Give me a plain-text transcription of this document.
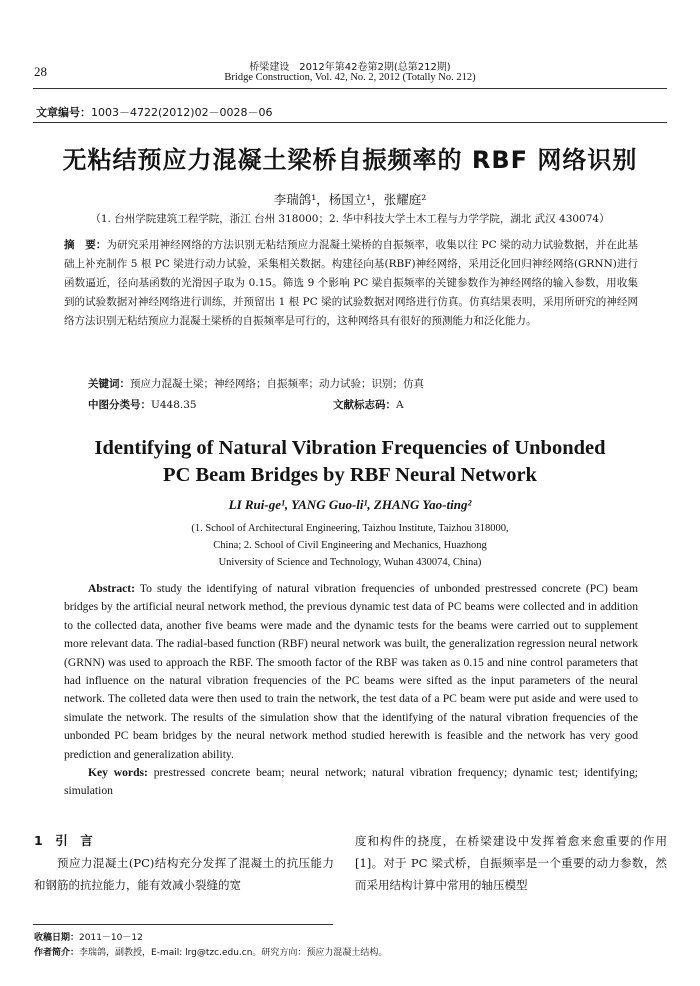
28	桥梁建设　2012年第42卷第2期(总第212期)
Bridge Construction, Vol. 42, No. 2, 2012 (Totally No. 212)
文章编号：1003－4722(2012)02－0028－06
无粘结预应力混凝土梁桥自振频率的 RBF 网络识别
李瑞鸽¹，杨国立¹，张耀庭²
（1. 台州学院建筑工程学院，浙江 台州 318000；2. 华中科技大学土木工程与力学学院，湖北 武汉 430074）
摘　要：为研究采用神经网络的方法识别无粘结预应力混凝土梁桥的自振频率，收集以往 PC 梁的动力试验数据，并在此基础上补充制作 5 根 PC 梁进行动力试验，采集相关数据。构建径向基(RBF)神经网络，采用泛化回归神经网络(GRNN)进行函数逼近，径向基函数的光滑因子取为 0.15。筛选 9 个影响 PC 梁自振频率的关键参数作为神经网络的输入参数，用收集到的试验数据对神经网络进行训练，并预留出 1 根 PC 梁的试验数据对网络进行仿真。仿真结果表明，采用所研究的神经网络方法识别无粘结预应力混凝土梁桥的自振频率是可行的，这种网络具有很好的预测能力和泛化能力。
关键词：预应力混凝土梁；神经网络；自振频率；动力试验；识别；仿真
中图分类号：U448.35	文献标志码：A
Identifying of Natural Vibration Frequencies of Unbonded
PC Beam Bridges by RBF Neural Network
LI Rui-ge¹, YANG Guo-li¹, ZHANG Yao-ting²
(1. School of Architectural Engineering, Taizhou Institute, Taizhou 318000,
China; 2. School of Civil Engineering and Mechanics, Huazhong
University of Science and Technology, Wuhan 430074, China)
Abstract: To study the identifying of natural vibration frequencies of unbonded prestressed concrete (PC) beam bridges by the artificial neural network method, the previous dynamic test data of PC beams were collected and in addition to the collected data, another five beams were made and the dynamic tests for the beams were carried out to supplement more relevant data. The radial-based function (RBF) neural network was built, the generalization regression neural network (GRNN) was used to approach the RBF. The smooth factor of the RBF was taken as 0.15 and nine control parameters that had influence on the natural vibration frequencies of the PC beams were sifted as the input parameters of the neural network. The colleted data were then used to train the network, the test data of a PC beam were put aside and were used to simulate the network. The results of the simulation show that the identifying of the natural vibration frequencies of the unbonded PC beam bridges by the neural network method studied herewith is feasible and the network has very good prediction and generalization ability.
Key words: prestressed concrete beam; neural network; natural vibration frequency; dynamic test; identifying; simulation
1　引　言
预应力混凝土(PC)结构充分发挥了混凝土的抗压能力和钢筋的抗拉能力，能有效减小裂缝的宽
度和构件的挠度，在桥梁建设中发挥着愈来愈重要的作用[1]。对于 PC 梁式桥，自振频率是一个重要的动力参数，然而采用结构计算中常用的轴压模型
收稿日期：2011－10－12
作者简介：李瑞鸽，副教授，E-mail: lrg@tzc.edu.cn。研究方向：预应力混凝土结构。
